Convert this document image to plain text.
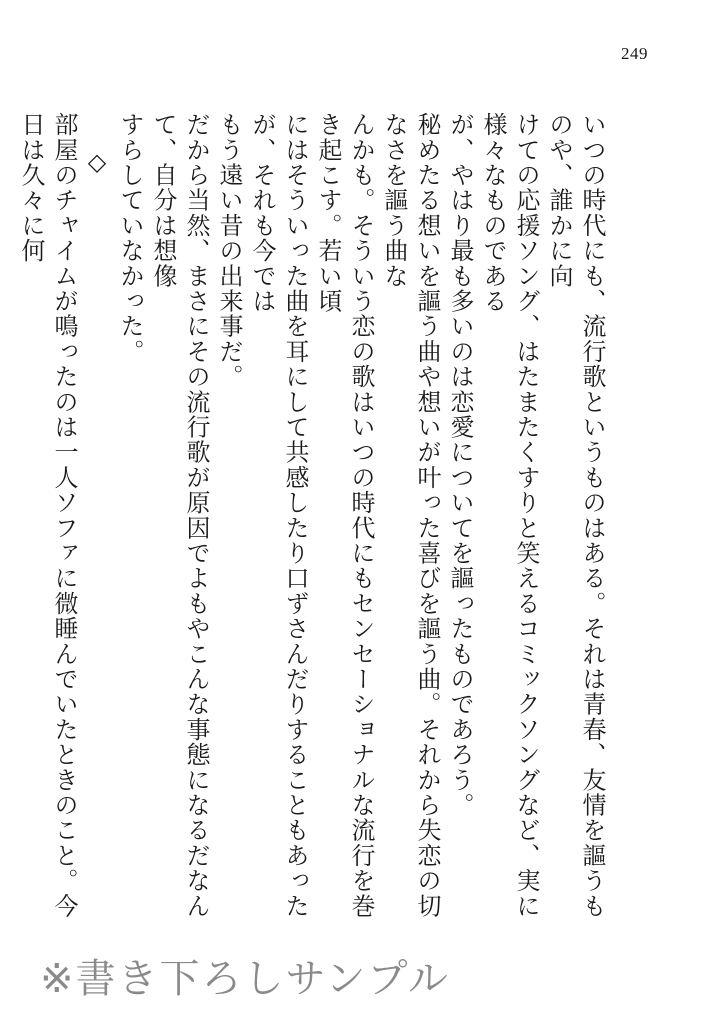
249

いつの時代にも、流行歌というものはある。それは青春、友情を謳うものや、誰かに向
けての応援ソング、はたまたくすりと笑えるコミックソングなど、実に様々なものである
が、やはり最も多いのは恋愛についてを謳ったものであろう。

秘めたる想いを謳う曲や想いが叶った喜びを謳う曲。それから失恋の切なさを謳う曲な
んかも。そういう恋の歌はいつの時代にもセンセーショナルな流行を巻き起こす。若い頃
にはそういった曲を耳にして共感したり口ずさんだりすることもあったが、それも今では
もう遠い昔の出来事だ。

だから当然、まさにその流行歌が原因でよもやこんな事態になるだなんて、自分は想像
すらしていなかった。

◇

部屋のチャイムが鳴ったのは一人ソファに微睡んでいたときのこと。今日は久々に何

※書き下ろしサンプル
